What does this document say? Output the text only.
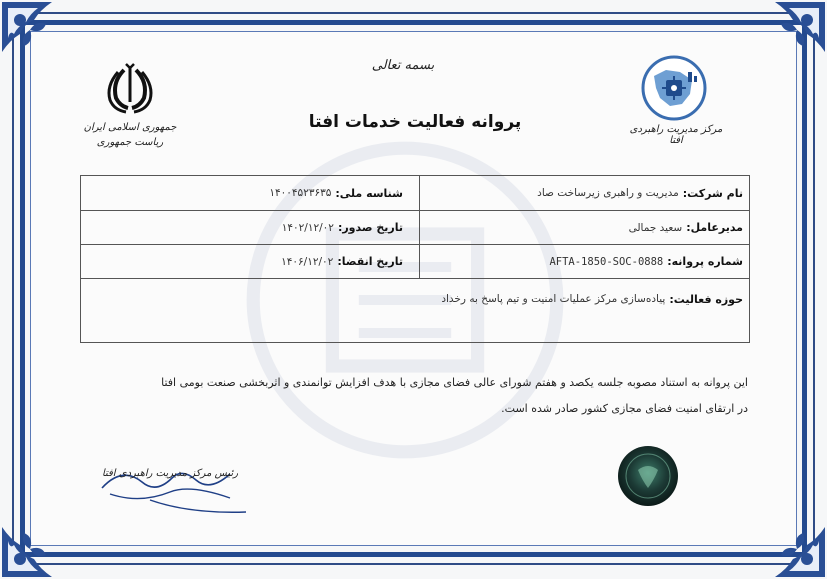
بسمه تعالی
پروانه فعالیت خدمات افتا
جمهوری اسلامی ایران
ریاست جمهوری
مرکز مدیریت راهبردی افتا
نام شرکت:
مدیریت و راهبری زیرساخت صاد
شناسه ملی:
۱۴۰۰۴۵۲۳۶۳۵
مدیرعامل:
سعید جمالی
تاریخ صدور:
۱۴۰۲/۱۲/۰۲
شماره پروانه:
AFTA-1850-SOC-0888
تاریخ انقضا:
۱۴۰۶/۱۲/۰۲
حوزه فعالیت:
پیاده‌سازی مرکز عملیات امنیت و تیم پاسخ به رخداد
این پروانه به استناد مصوبه جلسه یکصد و هفتم شورای عالی فضای مجازی با هدف افزایش توانمندی و اثربخشی صنعت بومی افتا
در ارتقای امنیت فضای مجازی کشور صادر شده است.
رئیس مرکز مدیریت راهبردی افتا
